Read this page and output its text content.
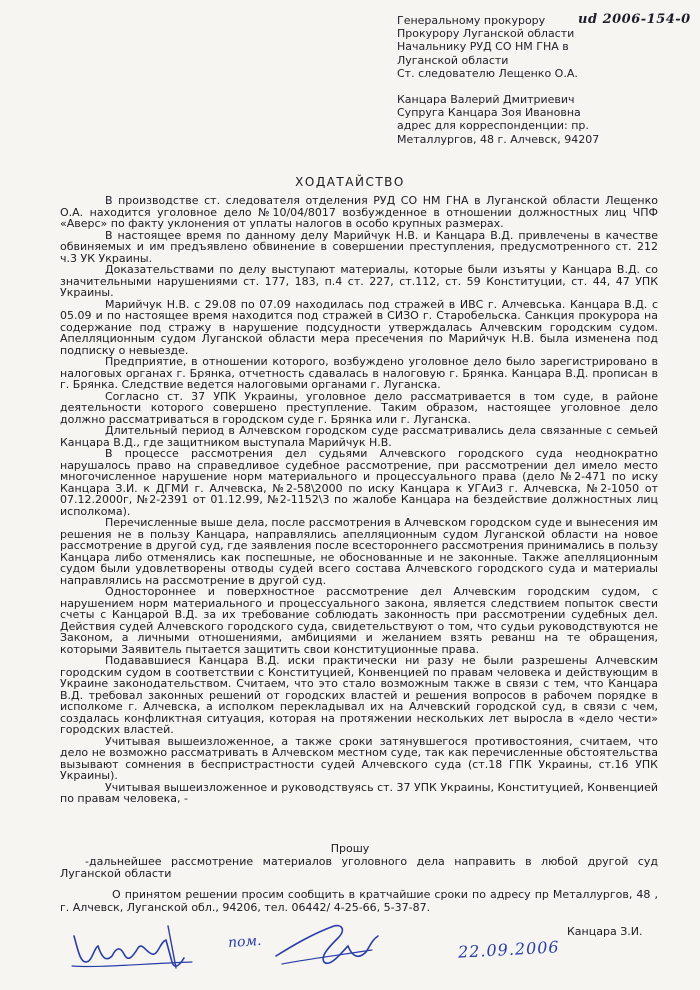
Генеральному прокурору
Прокурору Луганской области
Начальнику РУД СО НМ ГНА в
Луганской области
Ст. следователю Лещенко О.А.
Канцара Валерий Дмитриевич
Супруга Канцара Зоя Ивановна
адрес для корреспонденции: пр.
Металлургов, 48 г. Алчевск, 94207
ud 2006-154-0
ХОДАТАЙСТВО

В производстве ст. следователя отделения РУД СО НМ ГНА в Луганской области Лещенко О.А. находится уголовное дело №10/04/8017 возбужденное в отношении должностных лиц ЧПФ «Аверс» по факту уклонения от уплаты налогов в особо крупных размерах.

В настоящее время по данному делу Марийчук Н.В. и Канцара В.Д. привлечены в качестве обвиняемых и им предъявлено обвинение в совершении преступления, предусмотренного ст. 212 ч.3 УК Украины.

Доказательствами по делу выступают материалы, которые были изъяты у Канцара В.Д. со значительными нарушениями ст. 177, 183, п.4 ст. 227, ст.112, ст. 59 Конституции, ст. 44, 47 УПК Украины.

Марийчук Н.В. с 29.08 по 07.09 находилась под стражей в ИВС г. Алчевська. Канцара В.Д. с 05.09 и по настоящее время находится под стражей в СИЗО г. Старобельска. Санкция прокурора на содержание под стражу в нарушение подсудности утверждалась Алчевским городским судом. Апелляционным судом Луганской области мера пресечения по Марийчук Н.В. была изменена под подписку о невыезде.

Предприятие, в отношении которого, возбуждено уголовное дело было зарегистрировано в налоговых органах г. Брянка, отчетность сдавалась в налоговую г. Брянка. Канцара В.Д. прописан в г. Брянка. Следствие ведется налоговыми органами г. Луганска.

Согласно ст. 37 УПК Украины, уголовное дело рассматривается в том суде, в районе деятельности которого совершено преступление. Таким образом, настоящее уголовное дело должно рассматриваться в городском суде г. Брянка или г. Луганска.

Длительный период в Алчевском городском суде рассматривались дела связанные с семьей Канцара В.Д., где защитником выступала Марийчук Н.В.

В процессе рассмотрения дел судьями Алчевского городского суда неоднократно нарушалось право на справедливое судебное рассмотрение, при рассмотрении дел имело место многочисленное нарушение норм материального и процессуального права (дело №2-471 по иску Канцара З.И. к ДГМИ г. Алчевска, №2-58\2000 по иску Канцара к УГАиЗ г. Алчевска, №2-1050 от 07.12.2000г, №2-2391 от 01.12.99, №2-1152\3 по жалобе Канцара на бездействие должностных лиц исполкома).

Перечисленные выше дела, после рассмотрения в Алчевском городском суде и вынесения им решения не в пользу Канцара, направлялись апелляционным судом Луганской области на новое рассмотрение в другой суд, где заявления после всестороннего рассмотрения принимались в пользу Канцара либо отменялись как поспешные, не обоснованные и не законные. Также апелляционным судом были удовлетворены отводы судей всего состава Алчевского городского суда и материалы направлялись на рассмотрение в другой суд.

Одностороннее и поверхностное рассмотрение дел Алчевским городским судом, с нарушением норм материального и процессуального закона, является следствием попыток свести счеты с Канцарой В.Д. за их требование соблюдать законность при рассмотрении судебных дел. Действия судей Алчевского городского суда, свидетельствуют о том, что судьи руководствуются не Законом, а личными отношениями, амбициями и желанием взять реванш на те обращения, которыми Заявитель пытается защитить свои конституционные права.

Подававшиеся Канцара В.Д. иски практически ни разу не были разрешены Алчевским городским судом в соответствии с Конституцией, Конвенцией по правам человека и действующим в Украине законодательством. Считаем, что это стало возможным также в связи с тем, что Канцара В.Д. требовал законных решений от городских властей и решения вопросов в рабочем порядке в исполкоме г. Алчевска, а исполком перекладывал их на Алчевский городской суд, в связи с чем, создалась конфликтная ситуация, которая на протяжении нескольких лет выросла в «дело чести» городских властей.

Учитывая вышеизложенное, а также сроки затянувшегося противостояния, считаем, что дело не возможно рассматривать в Алчевском местном суде, так как перечисленные обстоятельства вызывают сомнения в беспристрастности судей Алчевского суда (ст.18 ГПК Украины, ст.16 УПК Украины).

Учитывая вышеизложенное и руководствуясь ст. 37 УПК Украины, Конституцией, Конвенцией по правам человека, -

Прошу

-дальнейшее рассмотрение материалов уголовного дела направить в любой другой суд Луганской области

О принятом решении просим сообщить в кратчайшие сроки по адресу пр Металлургов, 48 , г. Алчевск, Луганской обл., 94206, тел. 06442/ 4-25-66, 5-37-87.

Канцара З.И.
пом.	22.09.2006
